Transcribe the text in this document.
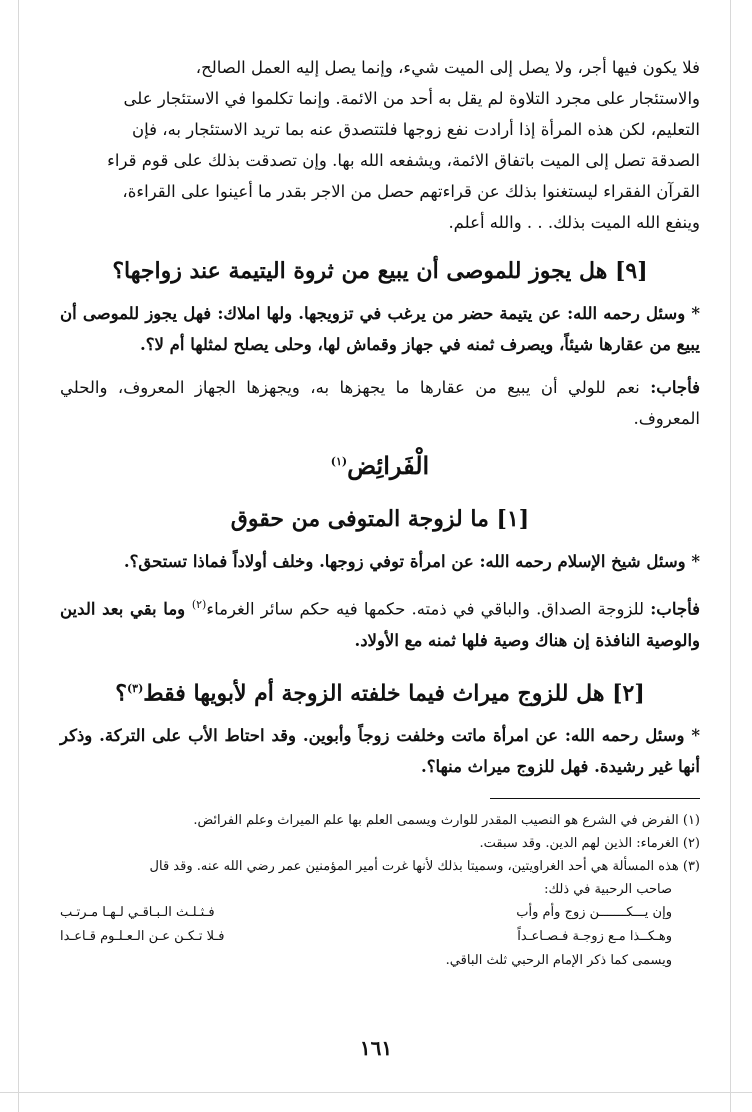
فلا يكون فيها أجر، ولا يصل إلى الميت شيء، وإنما يصل إليه العمل الصالح،

والاستئجار على مجرد التلاوة لم يقل به أحد من الائمة. وإنما تكلموا في الاستئجار على

التعليم، لكن هذه المرأة إذا أرادت نفع زوجها فلتتصدق عنه بما تريد الاستئجار به، فإن

الصدقة تصل إلى الميت باتفاق الائمة، ويشفعه الله بها. وإن تصدقت بذلك على قوم قراء

القرآن الفقراء ليستغنوا بذلك عن قراءتهم حصل من الاجر بقدر ما أعينوا على القراءة،

وينفع الله الميت بذلك. . . والله أعلم.

[٩] هل يجوز للموصى أن يبيع من ثروة اليتيمة عند زواجها؟

* وسئل رحمه الله: عن يتيمة حضر من يرغب في تزويجها. ولها املاك: فهل يجوز للموصى أن يبيع من عقارها شيئاً، ويصرف ثمنه في جهاز وقماش لها، وحلى يصلح لمثلها أم لا؟.

فأجاب: نعم للولي أن يبيع من عقارها ما يجهزها به، ويجهزها الجهاز المعروف، والحلي المعروف.

الْفَرائِض$^{(١)}$
[١] ما لزوجة المتوفى من حقوق

* وسئل شيخ الإسلام رحمه الله: عن امرأة توفي زوجها. وخلف أولاداً فماذا تستحق؟.

فأجاب: للزوجة الصداق. والباقي في ذمته. حكمها فيه حكم سائر الغرماء$^{(٢)}$ وما بقي بعد الدين والوصية النافذة إن هناك وصية فلها ثمنه مع الأولاد.

[٢] هل للزوج ميراث فيما خلفته الزوجة أم لأبويها فقط$^{(٣)}$؟

* وسئل رحمه الله: عن امرأة ماتت وخلفت زوجاً وأبوين. وقد احتاط الأب على التركة. وذكر أنها غير رشيدة. فهل للزوج ميراث منها؟.

(١) الفرض في الشرع هو النصيب المقدر للوارث ويسمى العلم بها علم الميراث وعلم الفرائض.

(٢) الغرماء: الذين لهم الدين. وقد سبقت.

(٣) هذه المسألة هي أحد الغراويتين، وسميتا بذلك لأنها غرت أمير المؤمنين عمر رضي الله عنه. وقد قال

صاحب الرحبية في ذلك:

وإن يـــكـــــــن زوج وأم وأب
فـثـلـث الـبـاقـي لـهـا مـرتـب
وهـكــذا مـع زوجـة فـصـاعـداً
فـلا تـكـن عـن الـعـلـوم قـاعـدا

ويسمى كما ذكر الإمام الرحبي ثلث الباقي.

١٦١
